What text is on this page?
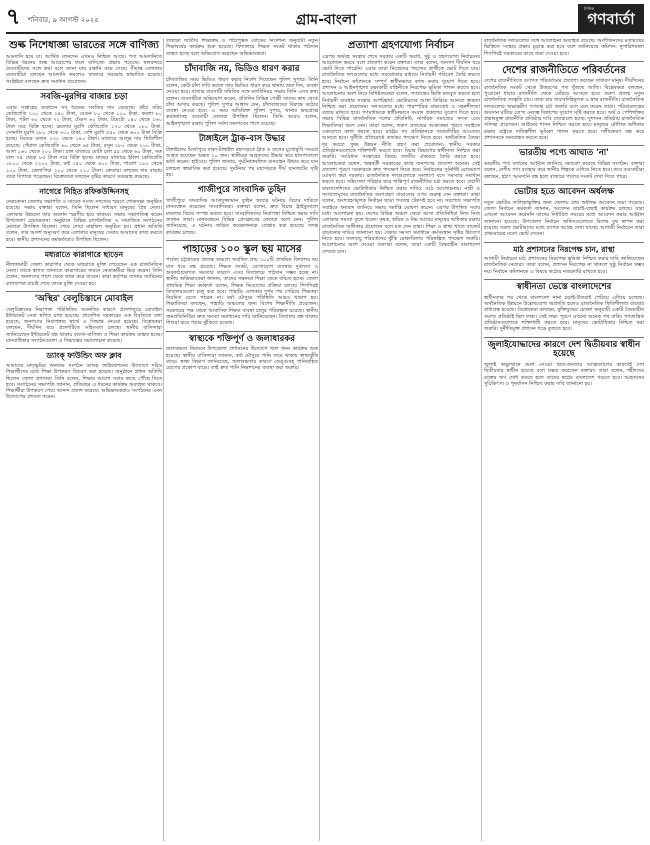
৭ শনিবার, ৯ আগস্ট ২০২৫	গ্রাম-বাংলা	গণবার্তা
দৈনিক
শুল্ক নিশেধাজ্ঞা ভারতের সঙ্গে বাণিজ্য
আমদানি হয়ে যা। আর্থিক লেনদেন এখনও নিশ্চিত আছে। পণ্য আমদানিতে বিভিন্ন ধরনের শুল্ক আরোপের ফলে বাণিজ্যে প্রভাব পড়েছে। স্থলবন্দরে ব্যবসায়ীদের সঙ্গে কথা বলে জানা যায় রপ্তানি কমে গেছে। সীমান্ত এলাকার ব্যবসায়ীরা বলছেন আমদানি কমলেও বাজারে সরবরাহ স্বাভাবিক রয়েছে। সংশ্লিষ্টরা বলছেন দ্রুত সমাধান প্রয়োজন।
সবজি-মুরগির বাজার চড়া
এবার সপ্তাহের ব্যবধানে সব ধরনের সবজির দাম বেড়েছে। কাঁচা মরিচ কেজিপ্রতি ২০০ থেকে ২৪০ টাকা, বেগুন ৮০ থেকে ১০০ টাকা, করলা ৮০ টাকা, পটল ৬০ থেকে ৭০ টাকা, ঢেঁড়স ৬০ টাকা, টমেটো ১৪০ থেকে ১৬০ টাকা দরে বিক্রি হচ্ছে। ব্রয়লার মুরগি কেজিপ্রতি ১৭০ থেকে ১৮০ টাকা, সোনালি মুরগি ২৮০ থেকে ৩০০ টাকা, দেশি মুরগি ৫৫০ থেকে ৬০০ টাকা বিক্রি হচ্ছে। ডিমের ডজন ১৩০ থেকে ১৪০ টাকা। বাজারে আলুর দাম স্থিতিশীল রয়েছে। পেঁয়াজ কেজিপ্রতি ৬০ থেকে ৬৫ টাকা, রসুন ১৮০ থেকে ২০০ টাকা, আদা ১৬০ থেকে ২০০ টাকা। চাল বাজারে মোটা চাল ৫৫ থেকে ৬০ টাকা, সরু চাল ৭৫ থেকে ৮৫ টাকা দরে বিক্রি হচ্ছে। মাছের বাজারে ইলিশ কেজিপ্রতি ১৮০০ থেকে ২২০০ টাকা, রুই ৩৫০ থেকে ৪০০ টাকা, পাঙাশ ১৮০ থেকে ২০০ টাকা, তেলাপিয়া ২০০ থেকে ২২০ টাকা। ক্রেতারা বলছেন দাম বাড়ায় তারা বিপাকে পড়েছেন। বিক্রেতারা বলছেন বৃষ্টির কারণে সরবরাহ কমেছে।
নাগেরে নিহিত রফিকউদ্দিনসহ
নেত্রকোনা জেলার সভাপতি ও সাবেক সংসদ সদস্যের স্মরণে শোকসভা অনুষ্ঠিত হয়েছে। সভায় বক্তারা বলেন, তিনি ছিলেন সাধারণ মানুষের প্রিয় নেতা। এলাকার উন্নয়নে তার অবদান স্মরণীয় হয়ে থাকবে। সভায় সভাপতিত্ব করেন উপজেলা চেয়ারম্যান। অনুষ্ঠানে বিভিন্ন রাজনৈতিক ও সামাজিক সংগঠনের নেতারা উপস্থিত ছিলেন। শেষে দোয়া মাহফিল অনুষ্ঠিত হয়। প্রধান অতিথি বলেন, তার আদর্শ অনুসরণ করে এলাকার মানুষের সেবায় আমাদের কাজ করতে হবে। স্থানীয় প্রশাসনের কর্মকর্তারাও উপস্থিত ছিলেন।
মধ্যরাতে কারাগারে ছাড়েন
নীলফামারী জেলা কারাগার থেকে মধ্যরাতে মুক্তি পেয়েছেন এক রাজনৈতিক নেতা। তাকে স্বাগত জানাতে কারাগারের সামনে নেতাকর্মীরা ভিড় করেন। তিনি বলেন, জনগণের পাশে থেকে কাজ করে যাবেন। কারা কর্তৃপক্ষ জানায় জামিনের কাগজপত্র যাচাই শেষে তাকে মুক্তি দেওয়া হয়।
'অস্থির' বেলুচিস্তানে মোবাইল
বেলুচিস্তানের নিরাপত্তা পরিস্থিতির অবনতির কারণে প্রদেশজুড়ে মোবাইল ইন্টারনেট সেবা স্থগিত রাখা হয়েছে। প্রাদেশিক সরকারের এক বিবৃতিতে বলা হয়েছে, জনগণের নিরাপত্তার স্বার্থে এ সিদ্ধান্ত নেওয়া হয়েছে। বিশ্লেষকরা বলছেন, দীর্ঘদিন ধরে প্রদেশটিতে সহিংসতা চলছে। স্থানীয় বাসিন্দারা জানিয়েছেন ইন্টারনেট বন্ধ থাকায় ব্যবসা-বাণিজ্য ও শিক্ষা কার্যক্রম ব্যাহত হচ্ছে। মানবাধিকার সংগঠনগুলো এ সিদ্ধান্তের সমালোচনা করেছে।
ড্যাংক্ ফাউন্ডিং অফ ক্লাব
আমাদের মাতৃভূমির অন্যতম সংগঠন ড্যাংক্ ফাউন্ডেশনের উদ্যোগে দরিদ্র শিক্ষার্থীদের মধ্যে শিক্ষা উপকরণ বিতরণ করা হয়েছে। অনুষ্ঠানে প্রধান অতিথি ছিলেন জেলা প্রশাসক। তিনি বলেন, শিক্ষার আলো সবার কাছে পৌঁছে দিতে হবে। সংগঠনের সভাপতি জানান, প্রতিবছর এ ধরনের কার্যক্রম অব্যাহত থাকবে। শিক্ষার্থীরা উপকরণ পেয়ে আনন্দ প্রকাশ করেছে। অভিভাবকরাও সংগঠনের এমন উদ্যোগের প্রশংসা করেন।
তাছাড়া জাতীয় শিক্ষাক্রম ও পাঠ্যপুস্তক বোর্ডের নির্দেশনা অনুযায়ী নতুন শিক্ষাবর্ষের কার্যক্রম শুরু হয়েছে। বিদ্যালয়ে শিক্ষক সংকট থাকায় পাঠদান ব্যাহত হচ্ছে বলে অভিযোগ করেছেন অভিভাবকরা।
চাঁদাবাজি নয়, ভিডিও ধারণ করার
চাঁদাবাজির সময় ভিডিও ধারণ করার নির্দেশ দিয়েছেন পুলিশ সুপার। তিনি বলেন, কেউ চাঁদা দাবি করলে তার ভিডিও ধারণ করে থানায় জমা দিন, ব্যবস্থা নেওয়া হবে। বাজার ব্যবসায়ী সমিতির সঙ্গে মতবিনিময় সভায় তিনি এসব কথা বলেন। ব্যবসায়ীরা অভিযোগ করেন, প্রতিদিন বিভিন্ন গোষ্ঠী তাদের কাছ থেকে চাঁদা আদায় করছে। পুলিশ সুপার আশ্বাস দেন, চাঁদাবাজদের বিরুদ্ধে কঠোর ব্যবস্থা নেওয়া হবে। এ সময় অতিরিক্ত পুলিশ সুপার, থানার ভারপ্রাপ্ত কর্মকর্তাসহ ব্যবসায়ী নেতারা উপস্থিত ছিলেন। তিনি আরও বলেন, আইনশৃঙ্খলা রক্ষায় পুলিশ সর্বদা জনগণের পাশে রয়েছে।
টাঙ্গাইলে ট্রাক-বাস উদ্ধার
টাঙ্গাইলের মির্জাপুরে ঢাকা-টাঙ্গাইল মহাসড়কে ট্রাক ও বাসের মুখোমুখি সংঘর্ষে আহত হয়েছেন অন্তত ১০ জন। স্থানীয়রা আহতদের উদ্ধার করে হাসপাতালে ভর্তি করেন। হাইওয়ে পুলিশ জানায়, দুর্ঘটনাকবলিত যানবাহন উদ্ধার করে যান চলাচল স্বাভাবিক করা হয়েছে। দুর্ঘটনার পর মহাসড়কে দীর্ঘ যানজটের সৃষ্টি হয়।
গাজীপুরে সাংবাদিক তুহিন
গাজীপুরে সাংবাদিক আসাদুজ্জামান তুহিন হত্যার ঘটনায় বিচার দাবিতে মানববন্ধন করেছেন সাংবাদিকরা। বক্তারা বলেন, দ্রুত বিচার ট্রাইব্যুনালে মামলার বিচার সম্পন্ন করতে হবে। সাংবাদিকদের নিরাপত্তা নিশ্চিত করার দাবি জানান তারা। মানববন্ধনে বিভিন্ন প্রেসক্লাবের নেতারা অংশ নেন। পুলিশ জানিয়েছে, এ ঘটনায় জড়িত কয়েকজনকে গ্রেপ্তার করা হয়েছে। তদন্ত কার্যক্রম চলছে।
পাহাড়ের ১০০ স্কুল ছয় মাসের
পার্বত্য চট্টগ্রামের প্রত্যন্ত অঞ্চলে অবস্থিত প্রায় ১০০টি প্রাথমিক বিদ্যালয় ছয় মাস ধরে বন্ধ রয়েছে। শিক্ষক সংকট, যোগাযোগ ব্যবস্থার দুর্বলতা ও অবকাঠামোগত সমস্যার কারণে এসব বিদ্যালয়ে পাঠদান সম্ভব হচ্ছে না। স্থানীয় অভিভাবকরা জানান, তাদের সন্তানরা শিক্ষা থেকে বঞ্চিত হচ্ছে। জেলা প্রাথমিক শিক্ষা কর্মকর্তা বলেন, শিক্ষক নিয়োগের প্রক্রিয়া চলছে। শিগগিরই বিদ্যালয়গুলো চালু করা হবে। পাহাড়ি এলাকার দুর্গম পথ পেরিয়ে শিক্ষকরা নিয়মিত যেতে পারেন না। বর্ষা মৌসুমে পরিস্থিতি আরও খারাপ হয়। শিক্ষাবিদরা বলছেন, পাহাড়ি অঞ্চলের জন্য বিশেষ শিক্ষানীতি প্রয়োজন। সরকারের পক্ষ থেকে আবাসিক শিক্ষক ব্যবস্থা চালুর পরিকল্পনা রয়েছে। স্থানীয় জনপ্রতিনিধিরা দ্রুত সমস্যা সমাধানের দাবি জানিয়েছেন। বিদ্যালয় বন্ধ থাকায় শিশুরা ঝরে পড়ার ঝুঁকিতে রয়েছে।
স্বাস্থ্যকে শক্তিপূর্ণ ও জলাধারকর
জলাবদ্ধতা নিরসনে উপজেলা প্রশাসনের উদ্যোগে খাল খনন কার্যক্রম শুরু হয়েছে। স্থানীয় বাসিন্দারা জানান, বর্ষা মৌসুমে পানি জমে থাকায় স্বাস্থ্যঝুঁকি বাড়ে। স্বাস্থ্য বিভাগ জানিয়েছে, জলাবদ্ধতার কারণে ডেঙ্গুসহ পানিবাহিত রোগের প্রকোপ বাড়ে। তাই দ্রুত পানি নিষ্কাশনের ব্যবস্থা করা জরুরি।
প্রত্যাশা গ্রহণযোগ্য নির্বাচন
এরপর অর্থবহ সংস্কার শেষে সরকার একটি অবাধ, সুষ্ঠু ও গ্রহণযোগ্য নির্বাচনের আয়োজন করবে বলে প্রত্যাশা করেন বক্তারা। তারা বলেন, জনগণ দীর্ঘদিন ধরে ভোট দিতে পারেনি। এবার তারা নিজেদের পছন্দের প্রার্থীকে ভোট দিতে চায়। রাজনৈতিক দলগুলোর মধ্যে সমঝোতার মাধ্যমে নির্বাচনী পরিবেশ তৈরি করতে হবে। নির্বাচন কমিশনকে সম্পূর্ণ স্বাধীনভাবে কাজ করার সুযোগ দিতে হবে। প্রশাসন ও আইনশৃঙ্খলা রক্ষাকারী বাহিনীকে নিরপেক্ষ ভূমিকা পালন করতে হবে। আলোচনায় অংশ নিয়ে বিশিষ্টজনেরা বলেন, গণতন্ত্রের ভিত্তি মজবুত করতে হলে নির্বাচনী ব্যবস্থার সংস্কার অপরিহার্য। ভোটারদের আস্থা ফিরিয়ে আনতে স্বচ্ছতা নিশ্চিত করা প্রয়োজন। দলগুলোর মধ্যে পারস্পরিক শ্রদ্ধাবোধ ও সহনশীলতা বজায় রাখতে হবে। গণমাধ্যমকে স্বাধীনভাবে সংবাদ প্রকাশের সুযোগ দিতে হবে। সভায় বিভিন্ন রাজনৈতিক দলের প্রতিনিধি, নাগরিক সমাজের সদস্য এবং শিক্ষাবিদরা অংশ নেন। তারা বলেন, তরুণ প্রজন্মের আকাঙ্ক্ষা পূরণে সবাইকে একযোগে কাজ করতে হবে। রাষ্ট্রের সব প্রতিষ্ঠানকে জবাবদিহির আওতায় আনতে হবে। দুর্নীতি প্রতিরোধে কার্যকর পদক্ষেপ নিতে হবে। অর্থনৈতিক বৈষম্য দূর করতে সুষম উন্নয়ন নীতি গ্রহণ করা প্রয়োজন। স্থানীয় সরকার প্রতিষ্ঠানগুলোকে শক্তিশালী করতে হবে। বিচার বিভাগের স্বাধীনতা নিশ্চিত করা জরুরি। সংবিধান সংস্কারের বিষয়ে জাতীয় ঐকমত্য তৈরি করতে হবে। আলোচকরা বলেন, অন্তর্বর্তী সরকারের কাছে জনগণের প্রত্যাশা অনেক। সেই প্রত্যাশা পূরণে সরকারকে দ্রুত পদক্ষেপ নিতে হবে। নির্বাচনের সুনির্দিষ্ট রোডম্যাপ ঘোষণা করা দরকার। রাজনৈতিক দলগুলোকে সংলাপে বসে সমস্যার সমাধান করতে হবে। সহিংসতা পরিহার করে শান্তিপূর্ণ রাজনীতির চর্চা করতে হবে। প্রবাসী বাংলাদেশিদের ভোটাধিকার নিশ্চিত করার দাবিও ওঠে আলোচনায়। নারী ও সংখ্যালঘুদের রাজনৈতিক অংশগ্রহণ বাড়ানোর ওপর গুরুত্ব দেন বক্তারা। তারা বলেন, অংশগ্রহণমূলক নির্বাচন ছাড়া গণতন্ত্র টেকসই হবে না। সবশেষে সভাপতি সবাইকে ধন্যবাদ জানিয়ে সভার সমাপ্তি ঘোষণা করেন। এরপর উপস্থিত সবার মধ্যে আলোচনা হয়। দেশের বিভিন্ন অঞ্চল থেকে আসা প্রতিনিধিরা নিজ নিজ এলাকার সমস্যা তুলে ধরেন। কৃষক, শ্রমিক ও নিম্ন আয়ের মানুষের অধিকার রক্ষায় রাজনৈতিক অঙ্গীকার প্রয়োজন বলে মত দেন তারা। শিক্ষা ও স্বাস্থ্য খাতে বাজেট বাড়ানোর দাবিও জানানো হয়। বেকার সমস্যা সমাধানে কর্মসংস্থান সৃষ্টির উদ্যোগ নিতে হবে। জলবায়ু পরিবর্তনের ঝুঁকি মোকাবিলায় পরিকল্পিত পদক্ষেপ জরুরি। আলোচনায় অংশ নেওয়া তরুণরা বলেন, তারা একটি বৈষম্যহীন বাংলাদেশ দেখতে চান।
রাজনৈতিক দলগুলোর সঙ্গে আলোচনা অব্যাহত রয়েছে। অংশীজনদের মতামতের ভিত্তিতে সংস্কার প্রস্তাব চূড়ান্ত করা হবে বলে জানিয়েছে কমিশন। সুপারিশমালা শিগগিরই সরকারের কাছে জমা দেওয়া হবে।
দেশের রাজনীতিতে পরিবর্তনের
দেশের রাজনীতিতে গুণগত পরিবর্তনের প্রত্যাশা করছেন সাধারণ মানুষ। দীর্ঘদিনের রাজনৈতিক সংকট থেকে উত্তরণের পথ খুঁজছে জাতি। বিশ্লেষকরা বলছেন, পুরোনো ধারার রাজনীতি থেকে বেরিয়ে আসতে হবে। তরুণ প্রজন্ম নতুন রাজনৈতিক সংস্কৃতি চায়। তারা চায় জবাবদিহিমূলক ও স্বচ্ছ রাজনীতি। রাজনৈতিক দলগুলোর অভ্যন্তরীণ গণতন্ত্র চর্চা জরুরি বলে মনে করেন তারা। পরিবারতন্ত্রের অবসান ঘটিয়ে যোগ্য নেতৃত্ব বিকাশের সুযোগ সৃষ্টি করতে হবে। অর্থ ও পেশিশক্তির প্রভাবমুক্ত রাজনীতি প্রতিষ্ঠার দাবি জোরালো হচ্ছে। সুশাসন প্রতিষ্ঠায় রাজনৈতিক সদিচ্ছা প্রয়োজন। আইনের শাসন নিশ্চিত করতে হবে। মানুষের মৌলিক অধিকার রক্ষায় রাষ্ট্রকে দায়িত্বশীল ভূমিকা পালন করতে হবে। দলীয়করণ বন্ধ করে প্রশাসনকে জনবান্ধব করতে হবে।
ভারতীয় পণ্যে আঘাত 'না'
ভারতীয় পণ্য বর্জনের আহ্বান জানিয়ে সমাবেশ করেছে বিভিন্ন সংগঠন। বক্তারা বলেন, দেশীয় পণ্য ব্যবহার করে স্থানীয় শিল্পকে এগিয়ে নিতে হবে। তবে ব্যবসায়ীরা বলছেন, হঠাৎ আমদানি বন্ধ হলে বাজারে পণ্যের সংকট দেখা দিতে পারে।
ভোটার হতে আবেদন অর্ধলক্ষ
নতুন ভোটার তালিকাভুক্তির জন্য জেলায় প্রায় অর্ধলক্ষ আবেদন জমা পড়েছে। জেলা নির্বাচন কর্মকর্তা জানান, আবেদন যাচাই-বাছাই কার্যক্রম চলছে। যারা এখনো আবেদন করেননি তাদের নির্ধারিত সময়ের মধ্যে আবেদন করার আহ্বান জানানো হয়েছে। উপজেলা নির্বাচন অফিসগুলোতে বিশেষ বুথ স্থাপন করা হয়েছে। তরুণ ভোটারদের মধ্যে ব্যাপক আগ্রহ দেখা যাচ্ছে। আগামী নির্বাচনে তারা প্রথমবারের মতো ভোট দেবেন।
মাঠ প্রশাসনের নিরপেক্ষ চান, রাস্থা
আগামী নির্বাচনে মাঠ প্রশাসনের নিরপেক্ষ ভূমিকা নিশ্চিত করার দাবি জানিয়েছেন রাজনৈতিক নেতারা। তারা বলেন, প্রশাসন নিরপেক্ষ না থাকলে সুষ্ঠু নির্বাচন সম্ভব নয়। নির্বাচন কমিশনকে এ বিষয়ে কঠোর নজরদারি রাখতে হবে।
স্বাধীনতা ভেস্তে বাংলাদেশের
স্বাধীনতার পর থেকে বাংলাদেশ নানা চড়াই-উতরাই পেরিয়ে এগিয়ে চলেছে। অর্থনৈতিক উন্নয়নে উল্লেখযোগ্য অগ্রগতি হলেও রাজনৈতিক স্থিতিশীলতা বারবার বাধাগ্রস্ত হয়েছে। বিশ্লেষকরা বলছেন, মুক্তিযুদ্ধের চেতনা অনুযায়ী একটি বৈষম্যহীন সমাজ প্রতিষ্ঠাই ছিল লক্ষ্য। সেই লক্ষ্য পূরণে এখনো অনেক পথ বাকি। গণতান্ত্রিক প্রতিষ্ঠানগুলোকে শক্তিশালী করতে হবে। মানুষের ভোটাধিকার নিশ্চিত করা জরুরি। দুর্নীতিমুক্ত প্রশাসন গড়ে তুলতে হবে।
জুলাইযোদ্ধাদের কারণে দেশ দ্বিতীয়বার স্বাধীন হয়েছে
জুলাই অভ্যুত্থানে অংশ নেওয়া ছাত্র-জনতার আত্মত্যাগের কারণেই দেশ দ্বিতীয়বার স্বাধীন হয়েছে বলে মন্তব্য করেছেন বক্তারা। তারা বলেন, শহীদদের রক্তের ঋণ শোধ করতে হলে তাদের স্বপ্নের বাংলাদেশ গড়তে হবে। আহতদের সুচিকিৎসা ও পুনর্বাসন নিশ্চিত করার দাবি জানানো হয়।
